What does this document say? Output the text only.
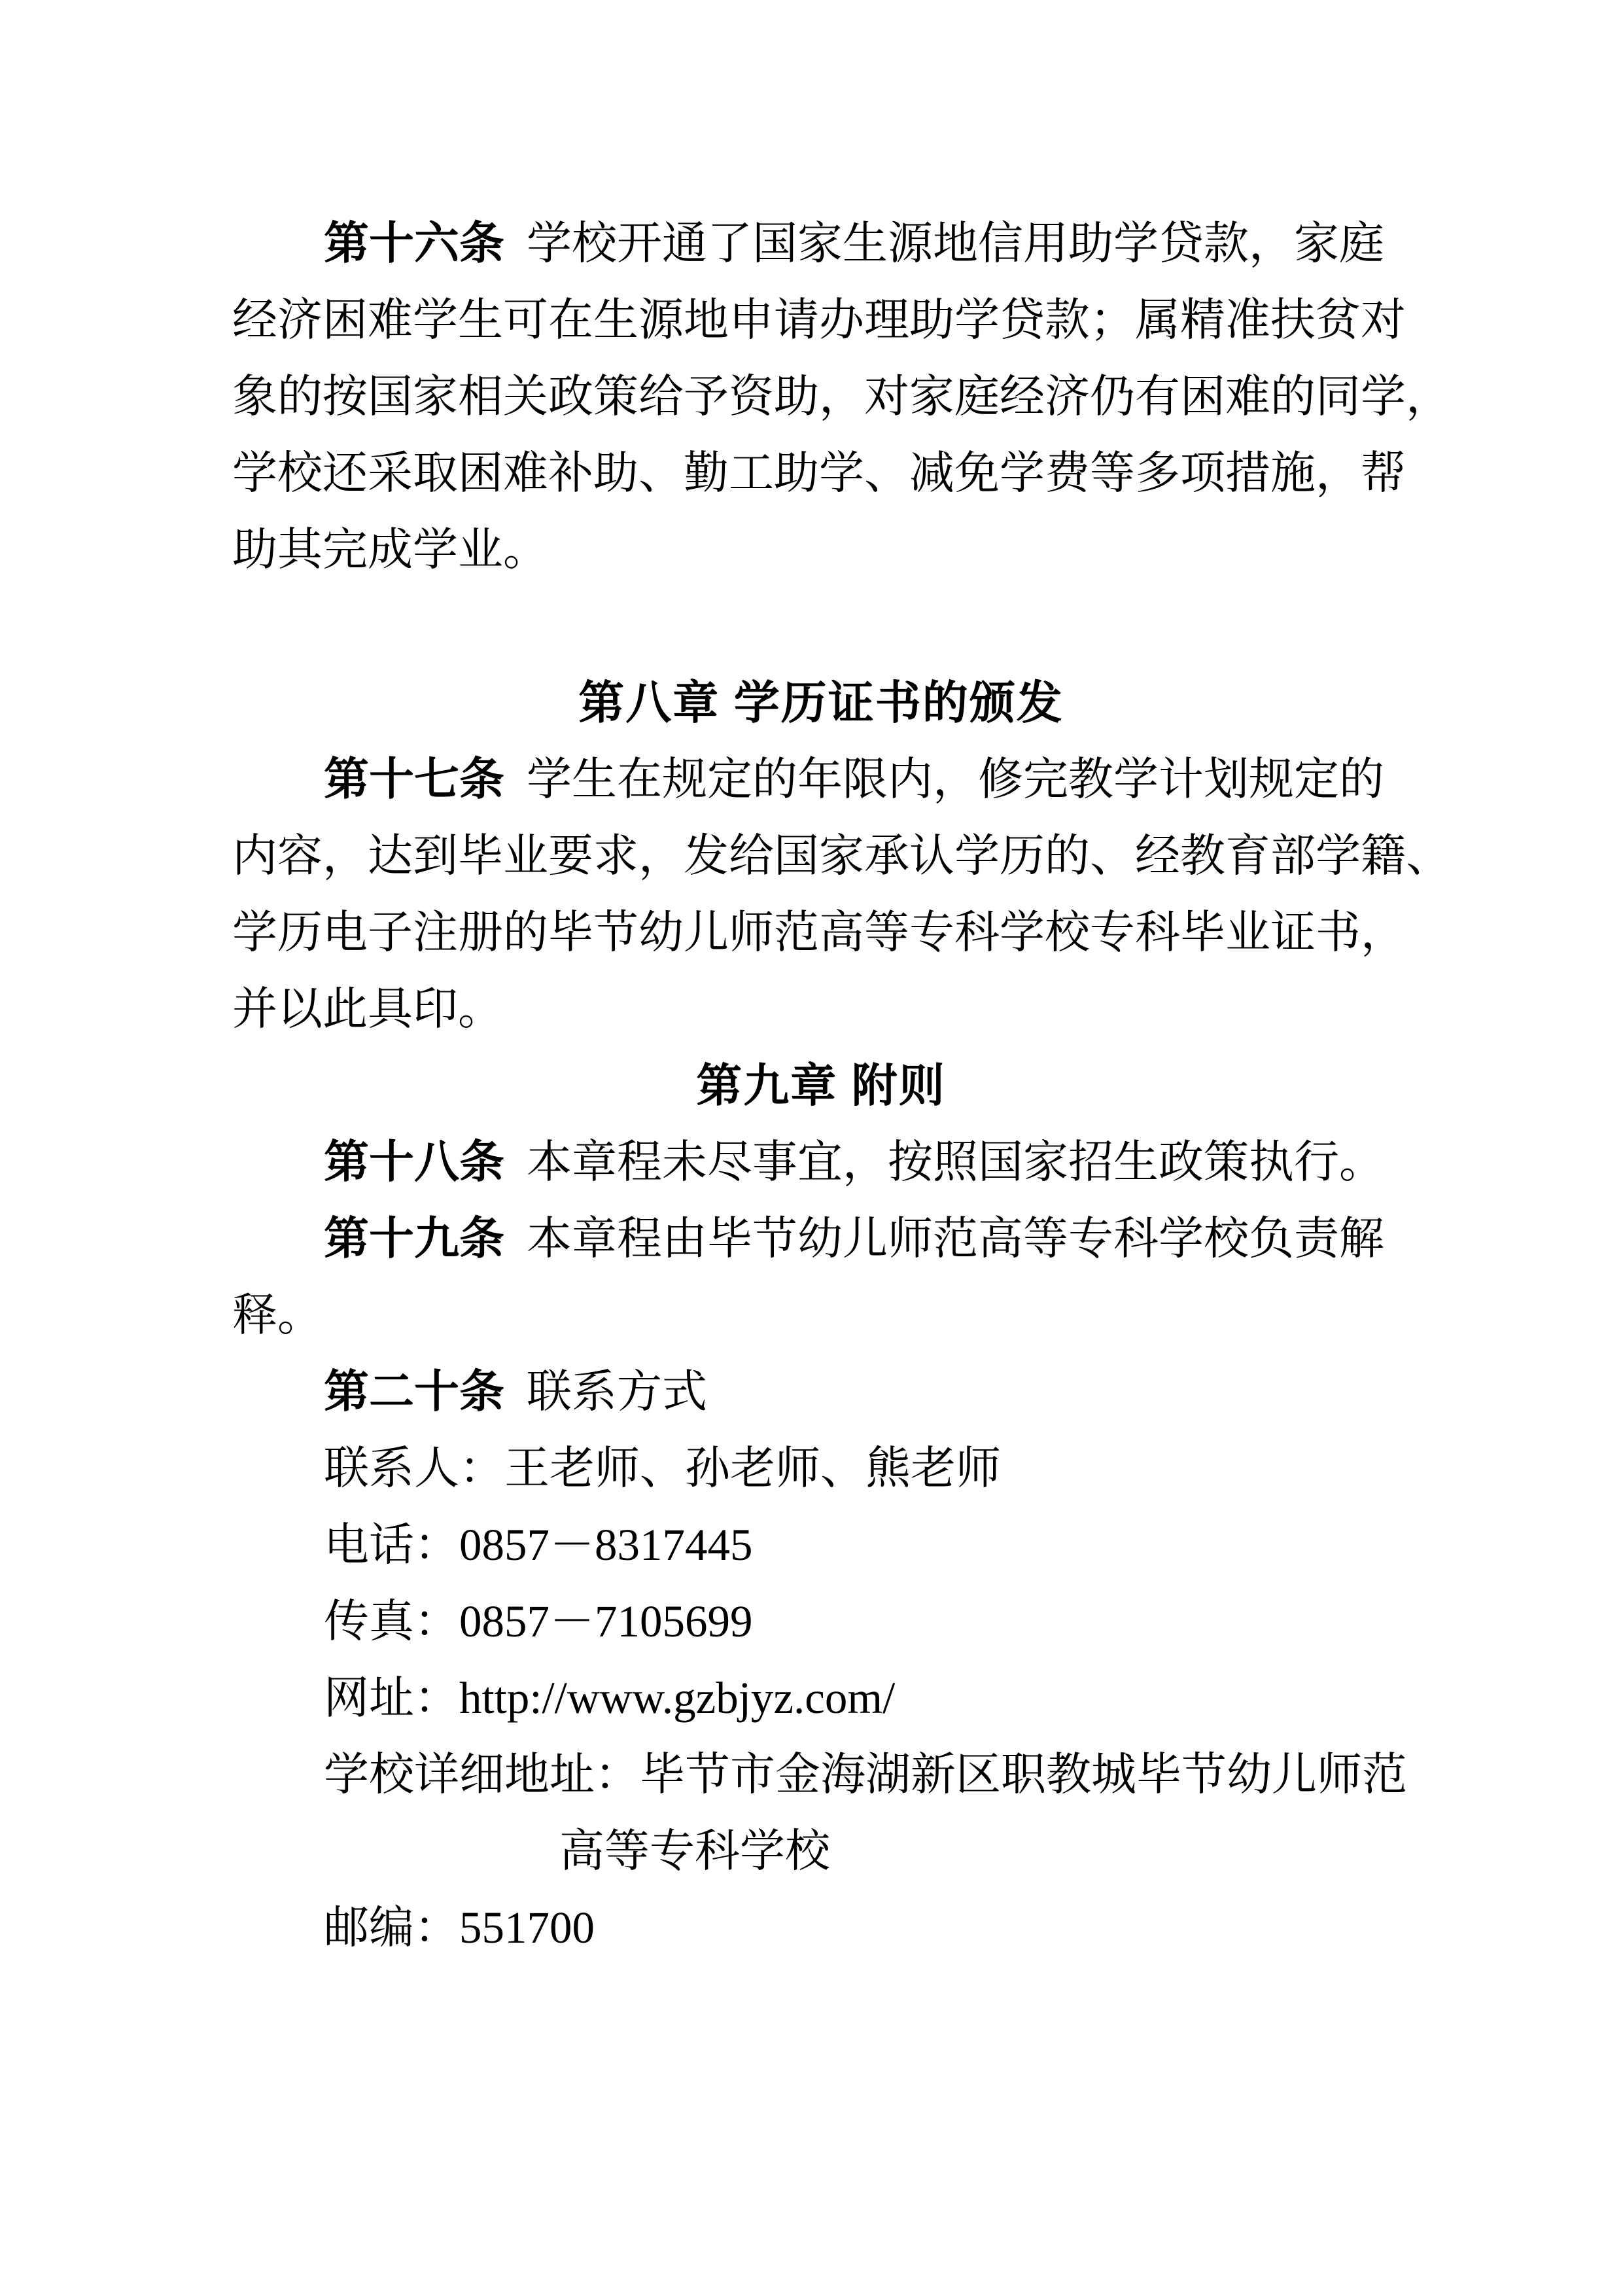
第十六条 学校开通了国家生源地信用助学贷款，家庭
经济困难学生可在生源地申请办理助学贷款；属精准扶贫对
象的按国家相关政策给予资助，对家庭经济仍有困难的同学，
学校还采取困难补助、勤工助学、减免学费等多项措施，帮
助其完成学业。

第八章 学历证书的颁发

第十七条 学生在规定的年限内，修完教学计划规定的
内容，达到毕业要求，发给国家承认学历的、经教育部学籍、
学历电子注册的毕节幼儿师范高等专科学校专科毕业证书，
并以此具印。

第九章 附则

第十八条 本章程未尽事宜，按照国家招生政策执行。

第十九条 本章程由毕节幼儿师范高等专科学校负责解
释。

第二十条 联系方式

联系人：王老师、孙老师、熊老师
电话：0857－8317445
传真：0857－7105699
网址：http://www.gzbjyz.com/
学校详细地址：毕节市金海湖新区职教城毕节幼儿师范
高等专科学校
邮编：551700
